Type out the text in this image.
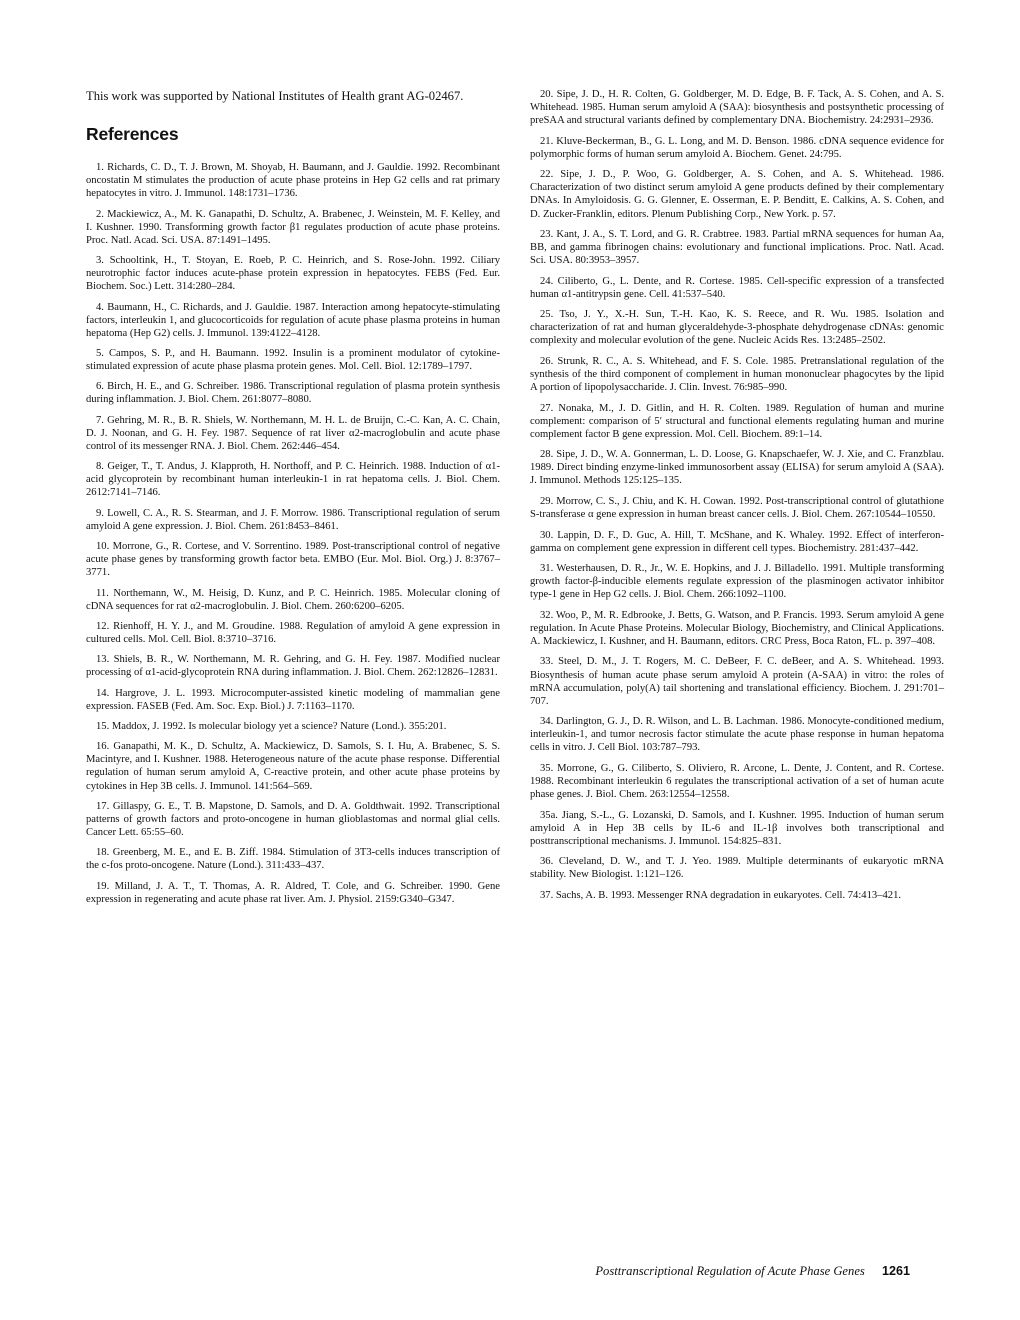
This work was supported by National Institutes of Health grant AG-02467.

References
1. Richards, C. D., T. J. Brown, M. Shoyab, H. Baumann, and J. Gauldie. 1992. Recombinant oncostatin M stimulates the production of acute phase proteins in Hep G2 cells and rat primary hepatocytes in vitro. J. Immunol. 148:1731–1736.
2. Mackiewicz, A., M. K. Ganapathi, D. Schultz, A. Brabenec, J. Weinstein, M. F. Kelley, and I. Kushner. 1990. Transforming growth factor β1 regulates production of acute phase proteins. Proc. Natl. Acad. Sci. USA. 87:1491–1495.
3. Schooltink, H., T. Stoyan, E. Roeb, P. C. Heinrich, and S. Rose-John. 1992. Ciliary neurotrophic factor induces acute-phase protein expression in hepatocytes. FEBS (Fed. Eur. Biochem. Soc.) Lett. 314:280–284.
4. Baumann, H., C. Richards, and J. Gauldie. 1987. Interaction among hepatocyte-stimulating factors, interleukin 1, and glucocorticoids for regulation of acute phase plasma proteins in human hepatoma (Hep G2) cells. J. Immunol. 139:4122–4128.
5. Campos, S. P., and H. Baumann. 1992. Insulin is a prominent modulator of cytokine-stimulated expression of acute phase plasma protein genes. Mol. Cell. Biol. 12:1789–1797.
6. Birch, H. E., and G. Schreiber. 1986. Transcriptional regulation of plasma protein synthesis during inflammation. J. Biol. Chem. 261:8077–8080.
7. Gehring, M. R., B. R. Shiels, W. Northemann, M. H. L. de Bruijn, C.-C. Kan, A. C. Chain, D. J. Noonan, and G. H. Fey. 1987. Sequence of rat liver α2-macroglobulin and acute phase control of its messenger RNA. J. Biol. Chem. 262:446–454.
8. Geiger, T., T. Andus, J. Klapproth, H. Northoff, and P. C. Heinrich. 1988. Induction of α1-acid glycoprotein by recombinant human interleukin-1 in rat hepatoma cells. J. Biol. Chem. 2612:7141–7146.
9. Lowell, C. A., R. S. Stearman, and J. F. Morrow. 1986. Transcriptional regulation of serum amyloid A gene expression. J. Biol. Chem. 261:8453–8461.
10. Morrone, G., R. Cortese, and V. Sorrentino. 1989. Post-transcriptional control of negative acute phase genes by transforming growth factor beta. EMBO (Eur. Mol. Biol. Org.) J. 8:3767–3771.
11. Northemann, W., M. Heisig, D. Kunz, and P. C. Heinrich. 1985. Molecular cloning of cDNA sequences for rat α2-macroglobulin. J. Biol. Chem. 260:6200–6205.
12. Rienhoff, H. Y. J., and M. Groudine. 1988. Regulation of amyloid A gene expression in cultured cells. Mol. Cell. Biol. 8:3710–3716.
13. Shiels, B. R., W. Northemann, M. R. Gehring, and G. H. Fey. 1987. Modified nuclear processing of α1-acid-glycoprotein RNA during inflammation. J. Biol. Chem. 262:12826–12831.
14. Hargrove, J. L. 1993. Microcomputer-assisted kinetic modeling of mammalian gene expression. FASEB (Fed. Am. Soc. Exp. Biol.) J. 7:1163–1170.
15. Maddox, J. 1992. Is molecular biology yet a science? Nature (Lond.). 355:201.
16. Ganapathi, M. K., D. Schultz, A. Mackiewicz, D. Samols, S. I. Hu, A. Brabenec, S. S. Macintyre, and I. Kushner. 1988. Heterogeneous nature of the acute phase response. Differential regulation of human serum amyloid A, C-reactive protein, and other acute phase proteins by cytokines in Hep 3B cells. J. Immunol. 141:564–569.
17. Gillaspy, G. E., T. B. Mapstone, D. Samols, and D. A. Goldthwait. 1992. Transcriptional patterns of growth factors and proto-oncogene in human glioblastomas and normal glial cells. Cancer Lett. 65:55–60.
18. Greenberg, M. E., and E. B. Ziff. 1984. Stimulation of 3T3-cells induces transcription of the c-fos proto-oncogene. Nature (Lond.). 311:433–437.
19. Milland, J. A. T., T. Thomas, A. R. Aldred, T. Cole, and G. Schreiber. 1990. Gene expression in regenerating and acute phase rat liver. Am. J. Physiol. 2159:G340–G347.
20. Sipe, J. D., H. R. Colten, G. Goldberger, M. D. Edge, B. F. Tack, A. S. Cohen, and A. S. Whitehead. 1985. Human serum amyloid A (SAA): biosynthesis and postsynthetic processing of preSAA and structural variants defined by complementary DNA. Biochemistry. 24:2931–2936.
21. Kluve-Beckerman, B., G. L. Long, and M. D. Benson. 1986. cDNA sequence evidence for polymorphic forms of human serum amyloid A. Biochem. Genet. 24:795.
22. Sipe, J. D., P. Woo, G. Goldberger, A. S. Cohen, and A. S. Whitehead. 1986. Characterization of two distinct serum amyloid A gene products defined by their complementary DNAs. In Amyloidosis. G. G. Glenner, E. Osserman, E. P. Benditt, E. Calkins, A. S. Cohen, and D. Zucker-Franklin, editors. Plenum Publishing Corp., New York. p. 57.
23. Kant, J. A., S. T. Lord, and G. R. Crabtree. 1983. Partial mRNA sequences for human Aa, BB, and gamma fibrinogen chains: evolutionary and functional implications. Proc. Natl. Acad. Sci. USA. 80:3953–3957.
24. Ciliberto, G., L. Dente, and R. Cortese. 1985. Cell-specific expression of a transfected human α1-antitrypsin gene. Cell. 41:537–540.
25. Tso, J. Y., X.-H. Sun, T.-H. Kao, K. S. Reece, and R. Wu. 1985. Isolation and characterization of rat and human glyceraldehyde-3-phosphate dehydrogenase cDNAs: genomic complexity and molecular evolution of the gene. Nucleic Acids Res. 13:2485–2502.
26. Strunk, R. C., A. S. Whitehead, and F. S. Cole. 1985. Pretranslational regulation of the synthesis of the third component of complement in human mononuclear phagocytes by the lipid A portion of lipopolysaccharide. J. Clin. Invest. 76:985–990.
27. Nonaka, M., J. D. Gitlin, and H. R. Colten. 1989. Regulation of human and murine complement: comparison of 5′ structural and functional elements regulating human and murine complement factor B gene expression. Mol. Cell. Biochem. 89:1–14.
28. Sipe, J. D., W. A. Gonnerman, L. D. Loose, G. Knapschaefer, W. J. Xie, and C. Franzblau. 1989. Direct binding enzyme-linked immunosorbent assay (ELISA) for serum amyloid A (SAA). J. Immunol. Methods 125:125–135.
29. Morrow, C. S., J. Chiu, and K. H. Cowan. 1992. Post-transcriptional control of glutathione S-transferase α gene expression in human breast cancer cells. J. Biol. Chem. 267:10544–10550.
30. Lappin, D. F., D. Guc, A. Hill, T. McShane, and K. Whaley. 1992. Effect of interferon-gamma on complement gene expression in different cell types. Biochemistry. 281:437–442.
31. Westerhausen, D. R., Jr., W. E. Hopkins, and J. J. Billadello. 1991. Multiple transforming growth factor-β-inducible elements regulate expression of the plasminogen activator inhibitor type-1 gene in Hep G2 cells. J. Biol. Chem. 266:1092–1100.
32. Woo, P., M. R. Edbrooke, J. Betts, G. Watson, and P. Francis. 1993. Serum amyloid A gene regulation. In Acute Phase Proteins. Molecular Biology, Biochemistry, and Clinical Applications. A. Mackiewicz, I. Kushner, and H. Baumann, editors. CRC Press, Boca Raton, FL. p. 397–408.
33. Steel, D. M., J. T. Rogers, M. C. DeBeer, F. C. deBeer, and A. S. Whitehead. 1993. Biosynthesis of human acute phase serum amyloid A protein (A-SAA) in vitro: the roles of mRNA accumulation, poly(A) tail shortening and translational efficiency. Biochem. J. 291:701–707.
34. Darlington, G. J., D. R. Wilson, and L. B. Lachman. 1986. Monocyte-conditioned medium, interleukin-1, and tumor necrosis factor stimulate the acute phase response in human hepatoma cells in vitro. J. Cell Biol. 103:787–793.
35. Morrone, G., G. Ciliberto, S. Oliviero, R. Arcone, L. Dente, J. Content, and R. Cortese. 1988. Recombinant interleukin 6 regulates the transcriptional activation of a set of human acute phase genes. J. Biol. Chem. 263:12554–12558.
35a. Jiang, S.-L., G. Lozanski, D. Samols, and I. Kushner. 1995. Induction of human serum amyloid A in Hep 3B cells by IL-6 and IL-1β involves both transcriptional and posttranscriptional mechanisms. J. Immunol. 154:825–831.
36. Cleveland, D. W., and T. J. Yeo. 1989. Multiple determinants of eukaryotic mRNA stability. New Biologist. 1:121–126.
37. Sachs, A. B. 1993. Messenger RNA degradation in eukaryotes. Cell. 74:413–421.
Posttranscriptional Regulation of Acute Phase Genes 1261
